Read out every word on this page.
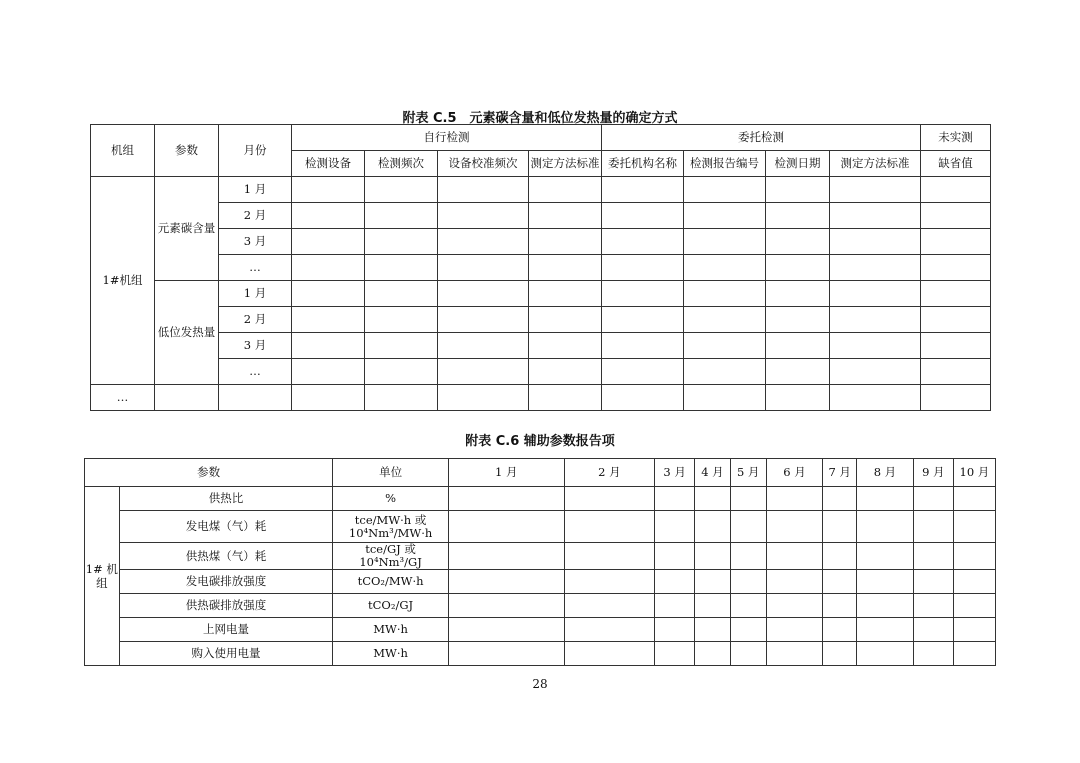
附表 C.5　元素碳含量和低位发热量的确定方式
机组	参数	月份	自行检测				委托检测				未实测
			检测设备	检测频次	设备校准频次	测定方法标准	委托机构名称	检测报告编号	检测日期	测定方法标准	缺省值
1#机组	元素碳含量	1 月									
		2 月									
		3 月									
		…									
	低位发热量	1 月									
		2 月									
		3 月									
		…									
…											
附表 C.6 辅助参数报告项
参数		单位	1 月	2 月	3 月	4 月	5 月	6 月	7 月	8 月	9 月	10 月
1# 机 组	供热比	%										
	发电煤（气）耗	tce/MW·h 或 10⁴Nm³/MW·h										
	供热煤（气）耗	tce/GJ 或 10⁴Nm³/GJ										
	发电碳排放强度	tCO₂/MW·h										
	供热碳排放强度	tCO₂/GJ										
	上网电量	MW·h										
	购入使用电量	MW·h										
28
